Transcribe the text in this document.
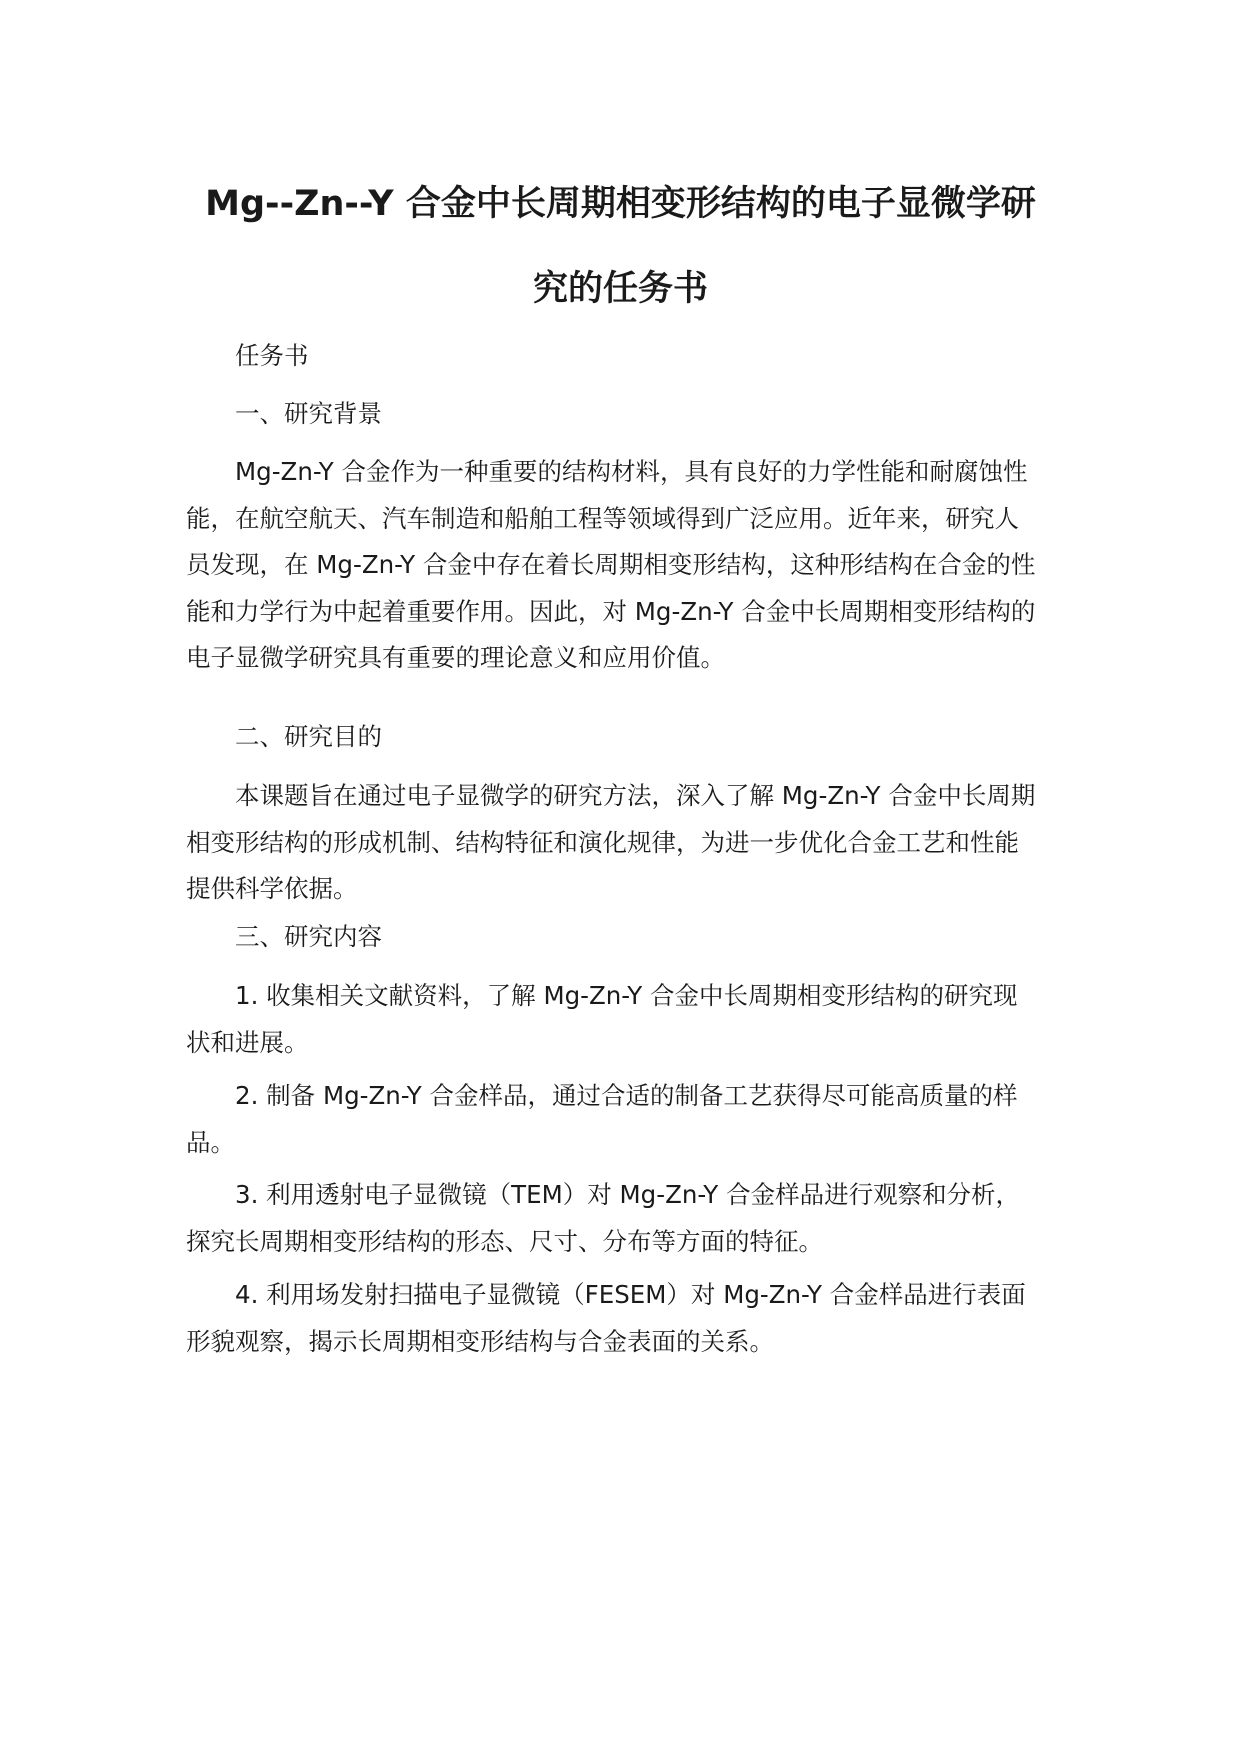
Mg--Zn--Y 合金中长周期相变形结构的电子显微学研
究的任务书

任务书

一、研究背景

Mg-Zn-Y 合金作为一种重要的结构材料，具有良好的力学性能和耐腐蚀性能，在航空航天、汽车制造和船舶工程等领域得到广泛应用。近年来，研究人员发现，在 Mg-Zn-Y 合金中存在着长周期相变形结构，这种形结构在合金的性能和力学行为中起着重要作用。因此，对 Mg-Zn-Y 合金中长周期相变形结构的电子显微学研究具有重要的理论意义和应用价值。

二、研究目的

本课题旨在通过电子显微学的研究方法，深入了解 Mg-Zn-Y 合金中长周期相变形结构的形成机制、结构特征和演化规律，为进一步优化合金工艺和性能提供科学依据。

三、研究内容

1. 收集相关文献资料，了解 Mg-Zn-Y 合金中长周期相变形结构的研究现状和进展。

2. 制备 Mg-Zn-Y 合金样品，通过合适的制备工艺获得尽可能高质量的样品。

3. 利用透射电子显微镜（TEM）对 Mg-Zn-Y 合金样品进行观察和分析，探究长周期相变形结构的形态、尺寸、分布等方面的特征。

4. 利用场发射扫描电子显微镜（FESEM）对 Mg-Zn-Y 合金样品进行表面形貌观察，揭示长周期相变形结构与合金表面的关系。
